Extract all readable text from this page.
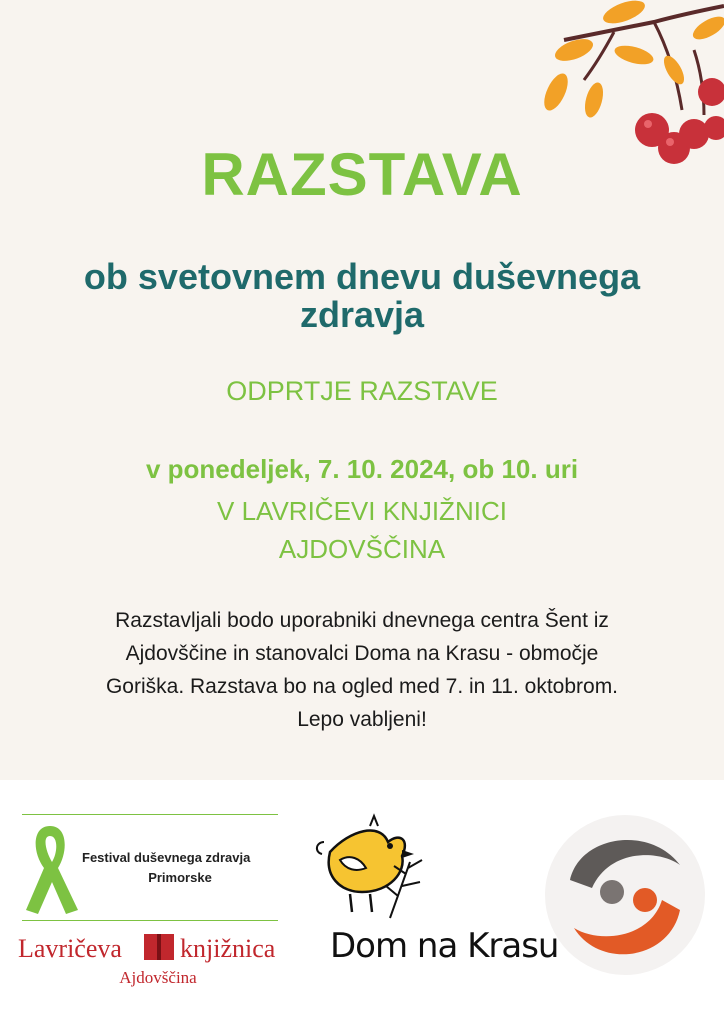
RAZSTAVA
ob svetovnem dnevu duševnega zdravja
ODPRTJE RAZSTAVE
v ponedeljek, 7. 10. 2024, ob 10. uri
V LAVRIČEVI KNJIŽNICI
AJDOVŠČINA
Razstavljali bodo uporabniki dnevnega centra Šent iz
Ajdovščine in stanovalci Doma na Krasu - območje
Goriška. Razstava bo na ogled med 7. in 11. oktobrom.
Lepo vabljeni!
Festival duševnega zdravja
Primorske
Lavričeva knjižnica
Ajdovščina
Dom na Krasu
